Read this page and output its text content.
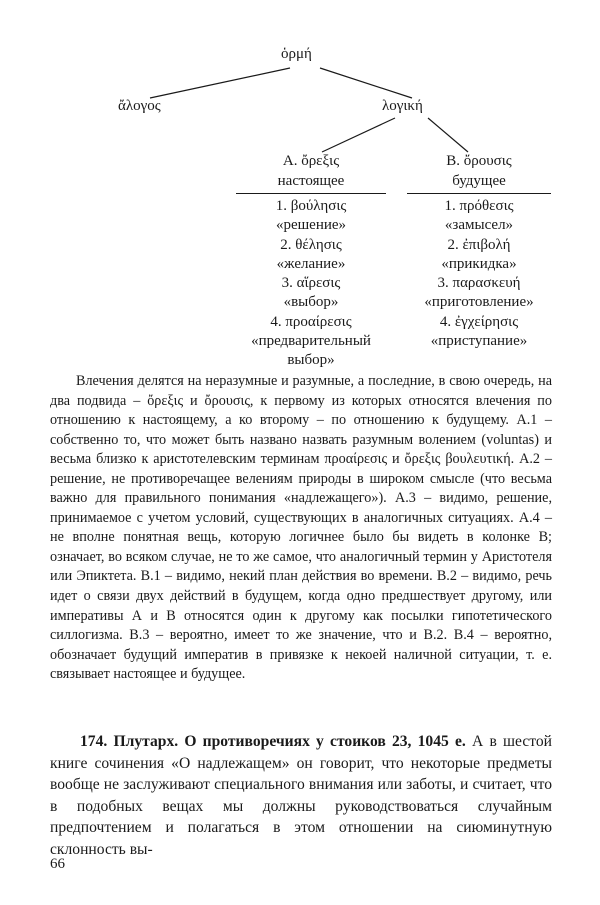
ὁρμή
ἄλογος	λογική
A. ὄρεξις
настоящее
1. βούλησις
«решение»
2. θέλησις
«желание»
3. αἵρεσις
«выбор»
4. προαίρεσις
«предварительный
выбор»
B. ὄρουσις
будущее
1. πρόθεσις
«замысел»
2. ἐπιβολή
«прикидка»
3. παρασκευή
«приготовление»
4. ἐγχείρησις
«приступание»

Влечения делятся на неразумные и разумные, а последние, в свою очередь, на два подвида – ὄρεξις и ὄρουσις, к первому из которых относятся влечения по отношению к настоящему, а ко второму – по отношению к будущему. А.1 – собственно то, что может быть названо назвать разумным волением (voluntas) и весьма близко к аристотелевским терминам προαίρεσις и ὄρεξις βουλευτική. А.2 – решение, не противоречащее велениям природы в широком смысле (что весьма важно для правильного понимания «надлежащего»). А.3 – видимо, решение, принимаемое с учетом условий, существующих в аналогичных ситуациях. А.4 – не вполне понятная вещь, которую логичнее было бы видеть в колонке В; означает, во всяком случае, не то же самое, что аналогичный термин у Аристотеля или Эпиктета. В.1 – видимо, некий план действия во времени. В.2 – видимо, речь идет о связи двух действий в будущем, когда одно предшествует другому, или императивы А и В относятся один к другому как посылки гипотетического силлогизма. В.3 – вероятно, имеет то же значение, что и В.2. В.4 – вероятно, обозначает будущий императив в привязке к некоей наличной ситуации, т. е. связывает настоящее и будущее.

174. Плутарх. О противоречиях у стоиков 23, 1045 e. А в шестой книге сочинения «О надлежащем» он говорит, что некоторые предметы вообще не заслуживают специального внимания или заботы, и считает, что в подобных вещах мы должны руководствоваться случайным предпочтением и полагаться в этом отношении на сиюминутную склонность вы-

66
